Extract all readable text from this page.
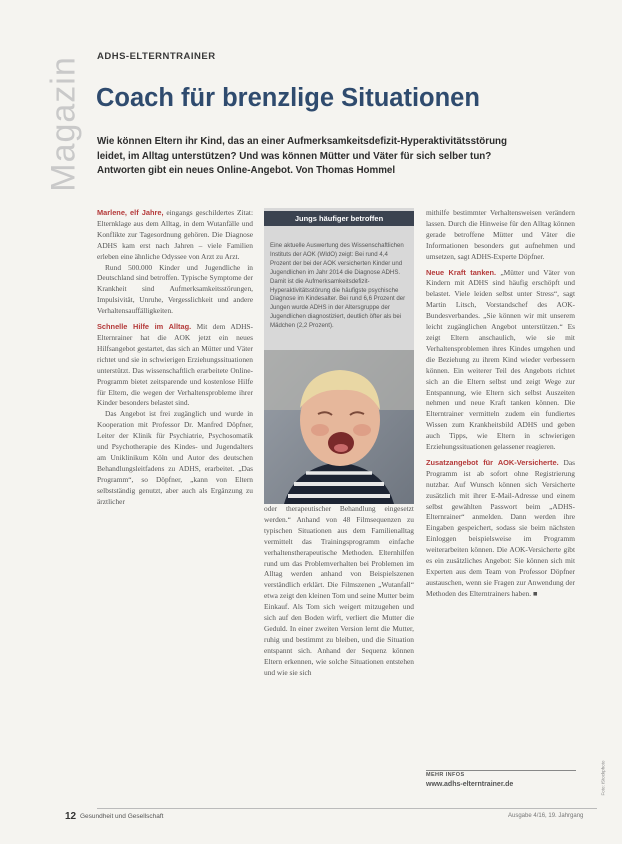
Magazin ADHS-ELTERNTRAINER
Coach für brenzlige Situationen
Wie können Eltern ihr Kind, das an einer Aufmerksamkeitsdefizit-Hyperaktivitätsstörung leidet, im Alltag unterstützen? Und was können Mütter und Väter für sich selber tun? Antworten gibt ein neues Online-Angebot. Von Thomas Hommel

Marlene, elf Jahre, eingangs geschildertes Zitat: Elternklage aus dem Alltag, in dem Wutanfälle und Konflikte zur Tagesordnung gehören. Die Diagnose ADHS kam erst nach Jahren – viele Familien erleben eine ähnliche Odyssee von Arzt zu Arzt.

Rund 500.000 Kinder und Jugendliche in Deutschland sind betroffen. Typische Symptome der Krankheit sind Aufmerksamkeitsstörungen, Impulsivität, Unruhe, Vergesslichkeit und andere Verhaltensauffälligkeiten.

Schnelle Hilfe im Alltag. Mit dem ADHS-Elternrainer hat die AOK jetzt ein neues Hilfsangebot gestartet, das sich an Mütter und Väter richtet und sie in schwierigen Erziehungssituationen unterstützt. Das wissenschaftlich erarbeitete Online-Programm bietet zeitsparende und kostenlose Hilfe für Eltern, die wegen der Verhaltensprobleme ihrer Kinder besonders belastet sind.

Das Angebot ist frei zugänglich und wurde in Kooperation mit Professor Dr. Manfred Döpfner, Leiter der Klinik für Psychiatrie, Psychosomatik und Psychotherapie des Kindes- und Jugendalters am Uniklinikum Köln und Autor des deutschen Behandlungsleitfadens zu ADHS, erarbeitet. „Das Programm“, so Döpfner, „kann von Eltern selbstständig genutzt, aber auch als Ergänzung zu ärztlicher

Jungs häufiger betroffen
Eine aktuelle Auswertung des Wissenschaftlichen Instituts der AOK (WIdO) zeigt: Bei rund 4,4 Prozent der bei der AOK versicherten Kinder und Jugendlichen im Jahr 2014 die Diagnose ADHS. Damit ist die Aufmerksamkeitsdefizit-Hyperaktivitätsstörung die häufigste psychische Diagnose im Kindesalter. Bei rund 6,6 Prozent der Jungen wurde ADHS in der Altersgruppe der Jugendlichen diagnostiziert, deutlich öfter als bei Mädchen (2,2 Prozent).

oder therapeutischer Behandlung eingesetzt werden.“ Anhand von 48 Filmsequenzen zu typischen Situationen aus dem Familienalltag vermittelt das Trainingsprogramm einfache verhaltenstherapeutische Methoden. Elternhilfen rund um das Problemverhalten bei Problemen im Alltag werden anhand von Beispielszenen verständlich erklärt. Die Filmszenen „Wutanfall“ etwa zeigt den kleinen Tom und seine Mutter beim Einkauf. Als Tom sich weigert mitzugehen und sich auf den Boden wirft, verliert die Mutter die Geduld. In einer zweiten Version lernt die Mutter, ruhig und bestimmt zu bleiben, und die Situation entspannt sich. Anhand der Sequenz können Eltern erkennen, wie solche Situationen entstehen und wie sie sich

mithilfe bestimmter Verhaltensweisen verändern lassen. Durch die Hinweise für den Alltag können gerade betroffene Mütter und Väter die Informationen besonders gut aufnehmen und umsetzen, sagt ADHS-Experte Döpfner.

Neue Kraft tanken. „Mütter und Väter von Kindern mit ADHS sind häufig erschöpft und belastet. Viele leiden selbst unter Stress“, sagt Martin Litsch, Vorstandschef des AOK-Bundesverbandes. „Sie können wir mit unserem leicht zugänglichen Angebot unterstützen.“ Es zeigt Eltern anschaulich, wie sie mit Verhaltensproblemen ihres Kindes umgehen und die Beziehung zu ihrem Kind wieder verbessern können. Ein weiterer Teil des Angebots richtet sich an die Eltern selbst und zeigt Wege zur Entspannung, wie Eltern sich selbst Auszeiten nehmen und neue Kraft tanken können. Die Elterntrainer vermitteln zudem ein fundiertes Wissen zum Krankheitsbild ADHS und geben auch Tipps, wie Eltern in schwierigen Erziehungssituationen gelassener reagieren.

Zusatzangebot für AOK-Versicherte. Das Programm ist ab sofort ohne Registrierung nutzbar. Auf Wunsch können sich Versicherte zusätzlich mit ihrer E-Mail-Adresse und einem selbst gewählten Passwort beim „ADHS-Elternrainer“ anmelden. Dann werden ihre Eingaben gespeichert, sodass sie beim nächsten Einloggen beispielsweise im Programm weiterarbeiten können. Die AOK-Versicherte gibt es ein zusätzliches Angebot: Sie können sich mit Experten aus dem Team von Professor Döpfner austauschen, wenn sie Fragen zur Anwendung der Methoden des Elterntrainers haben. ■

MEHR INFOS
www.adhs-elterntrainer.de	Foto: iStockphoto
12 Gesundheit und Gesellschaft	Ausgabe 4/16, 19. Jahrgang
